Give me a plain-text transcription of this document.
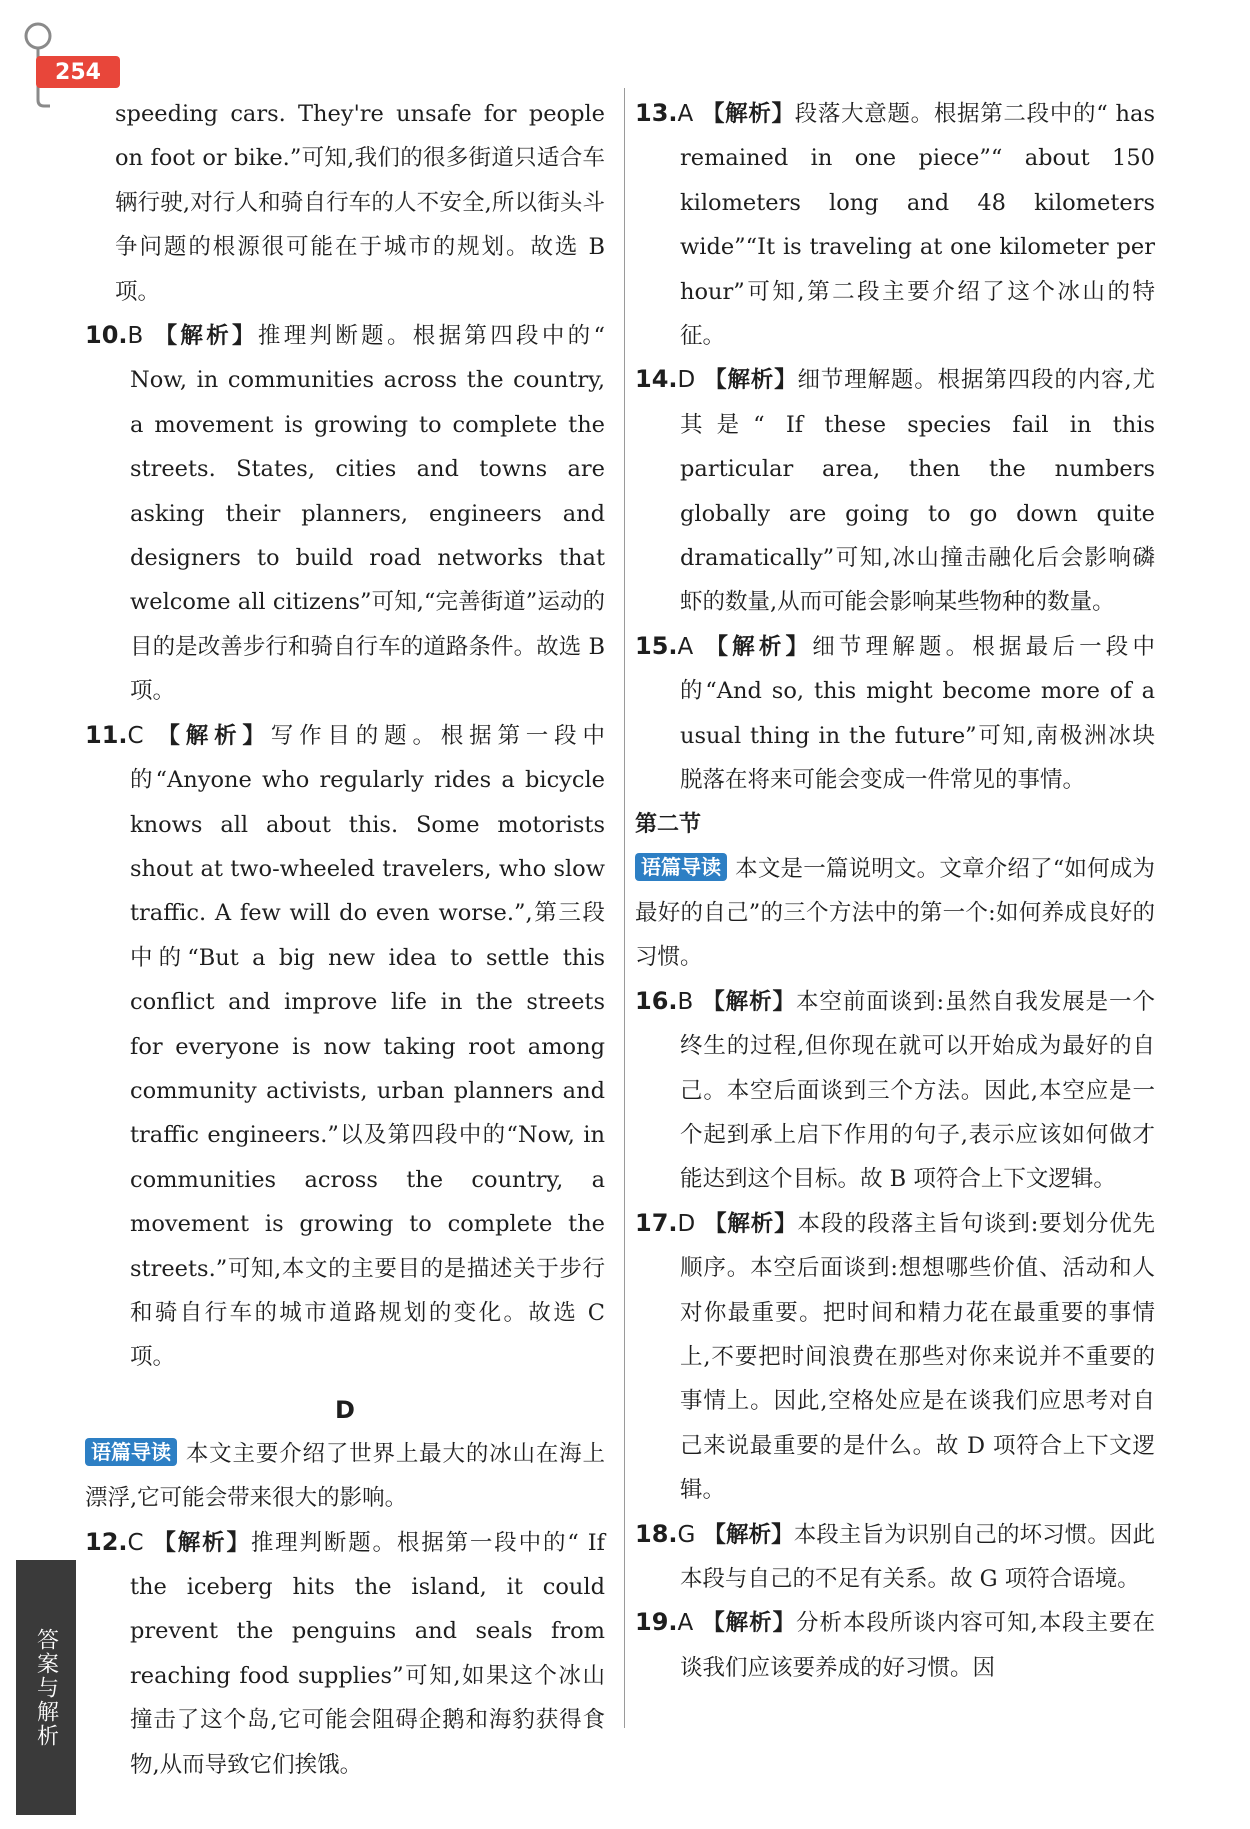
254
答案与解析

speeding cars. They're unsafe for people on foot or bike.”可知,我们的很多街道只适合车辆行驶,对行人和骑自行车的人不安全,所以街头斗争问题的根源很可能在于城市的规划。故选 B 项。

10.B 【解析】推理判断题。根据第四段中的“ Now, in communities across the country, a movement is growing to complete the streets. States, cities and towns are asking their planners, engineers and designers to build road networks that welcome all citizens”可知,“完善街道”运动的目的是改善步行和骑自行车的道路条件。故选 B 项。

11.C 【解析】写作目的题。根据第一段中的“Anyone who regularly rides a bicycle knows all about this. Some motorists shout at two-wheeled travelers, who slow traffic. A few will do even worse.”,第三段中的“But a big new idea to settle this conflict and improve life in the streets for everyone is now taking root among community activists, urban planners and traffic engineers.”以及第四段中的“Now, in communities across the country, a movement is growing to complete the streets.”可知,本文的主要目的是描述关于步行和骑自行车的城市道路规划的变化。故选 C 项。

D

语篇导读 本文主要介绍了世界上最大的冰山在海上漂浮,它可能会带来很大的影响。

12.C 【解析】推理判断题。根据第一段中的“ If the iceberg hits the island, it could prevent the penguins and seals from reaching food supplies”可知,如果这个冰山撞击了这个岛,它可能会阻碍企鹅和海豹获得食物,从而导致它们挨饿。

13.A 【解析】段落大意题。根据第二段中的“ has remained in one piece”“ about 150 kilometers long and 48 kilometers wide”“It is traveling at one kilometer per hour”可知,第二段主要介绍了这个冰山的特征。

14.D 【解析】细节理解题。根据第四段的内容,尤其是“ If these species fail in this particular area, then the numbers globally are going to go down quite dramatically”可知,冰山撞击融化后会影响磷虾的数量,从而可能会影响某些物种的数量。

15.A 【解析】细节理解题。根据最后一段中的“And so, this might become more of a usual thing in the future”可知,南极洲冰块脱落在将来可能会变成一件常见的事情。

第二节

语篇导读 本文是一篇说明文。文章介绍了“如何成为最好的自己”的三个方法中的第一个:如何养成良好的习惯。

16.B 【解析】本空前面谈到:虽然自我发展是一个终生的过程,但你现在就可以开始成为最好的自己。本空后面谈到三个方法。因此,本空应是一个起到承上启下作用的句子,表示应该如何做才能达到这个目标。故 B 项符合上下文逻辑。

17.D 【解析】本段的段落主旨句谈到:要划分优先顺序。本空后面谈到:想想哪些价值、活动和人对你最重要。把时间和精力花在最重要的事情上,不要把时间浪费在那些对你来说并不重要的事情上。因此,空格处应是在谈我们应思考对自己来说最重要的是什么。故 D 项符合上下文逻辑。

18.G 【解析】本段主旨为识别自己的坏习惯。因此本段与自己的不足有关系。故 G 项符合语境。

19.A 【解析】分析本段所谈内容可知,本段主要在谈我们应该要养成的好习惯。因
